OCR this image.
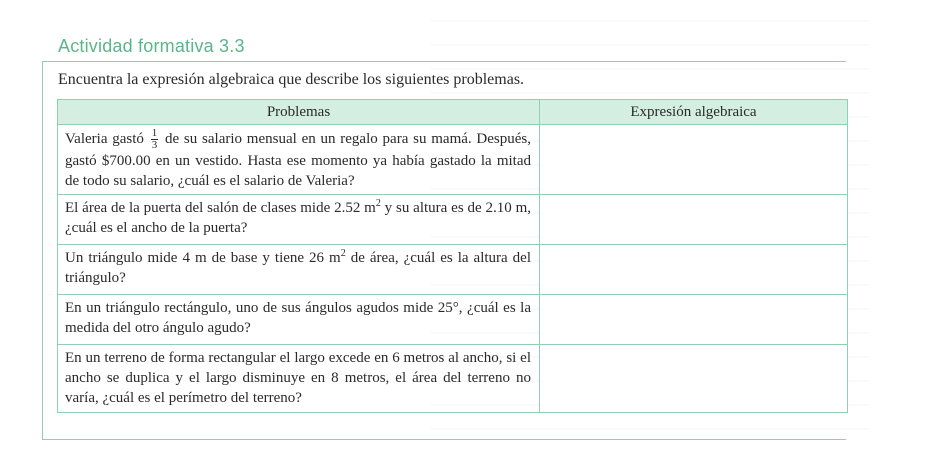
Actividad formativa 3.3
Encuentra la expresión algebraica que describe los siguientes problemas.
Problemas	Expresión algebraica
Valeria gastó $\frac{1}{3}$ de su salario mensual en un regalo para su mamá. Después, gastó $700.00 en un vestido. Hasta ese momento ya había gastado la mitad de todo su salario, ¿cuál es el salario de Valeria?	
El área de la puerta del salón de clases mide 2.52 $m^2$ y su altura es de 2.10 m, ¿cuál es el ancho de la puerta?	
Un triángulo mide 4 m de base y tiene 26 $m^2$ de área, ¿cuál es la altura del triángulo?	
En un triángulo rectángulo, uno de sus ángulos agudos mide 25°, ¿cuál es la medida del otro ángulo agudo?	
En un terreno de forma rectangular el largo excede en 6 metros al ancho, si el ancho se duplica y el largo disminuye en 8 metros, el área del terreno no varía, ¿cuál es el perímetro del terreno?	
